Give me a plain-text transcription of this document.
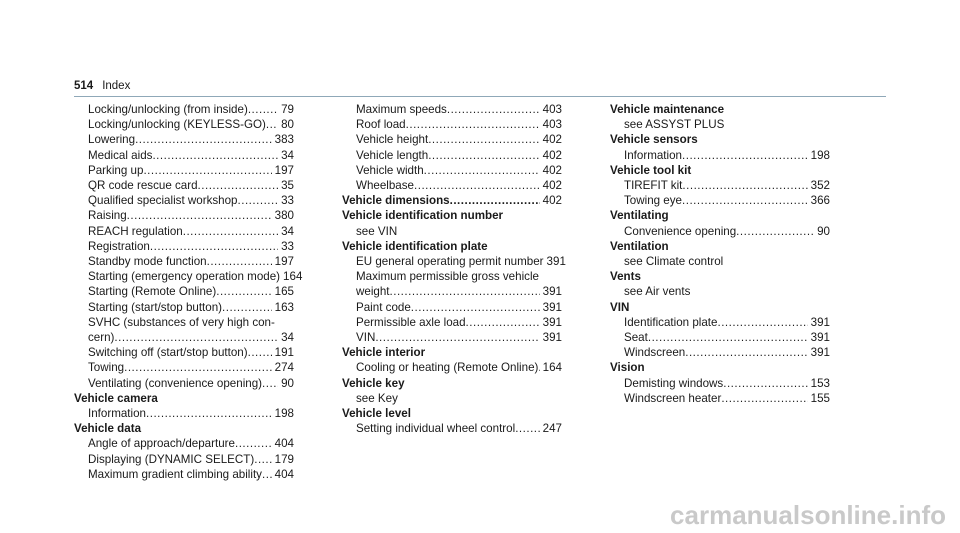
514 Index
Locking/unlocking (from inside) .....	79
Locking/unlocking (KEYLESS-GO) ..... 80
Lowering .....	383
Medical aids .....	34
Parking up .....	197
QR code rescue card .....	35
Qualified specialist workshop .....	33
Raising .....	380
REACH regulation .....	34
Registration .....	33
Standby mode function .....	197
Starting (emergency operation mode) 164
Starting (Remote Online) .....	165
Starting (start/stop button) .....	163
SVHC (substances of very high con-
cern) .....	34
Switching off (start/stop button) ..... 191
Towing .....	274
Ventilating (convenience opening) ..... 90
Vehicle camera
Information .....	198
Vehicle data
Angle of approach/departure .....	404
Displaying (DYNAMIC SELECT) ..... 179
Maximum gradient climbing ability ..... 404
Maximum speeds .....	403
Roof load .....	403
Vehicle height .....	402
Vehicle length .....	402
Vehicle width .....	402
Wheelbase .....	402
Vehicle dimensions .....	402
Vehicle identification number
see VIN
Vehicle identification plate
EU general operating permit number 391
Maximum permissible gross vehicle
weight .....	391
Paint code .....	391
Permissible axle load .....	391
VIN .....	391
Vehicle interior
Cooling or heating (Remote Online) ..... 164
Vehicle key
see Key
Vehicle level
Setting individual wheel control ..... 247
Vehicle maintenance
see ASSYST PLUS
Vehicle sensors
Information .....	198
Vehicle tool kit
TIREFIT kit .....	352
Towing eye .....	366
Ventilating
Convenience opening .....	90
Ventilation
see Climate control
Vents
see Air vents
VIN
Identification plate .....	391
Seat .....	391
Windscreen .....	391
Vision
Demisting windows .....	153
Windscreen heater .....	155
carmanualsonline.info
